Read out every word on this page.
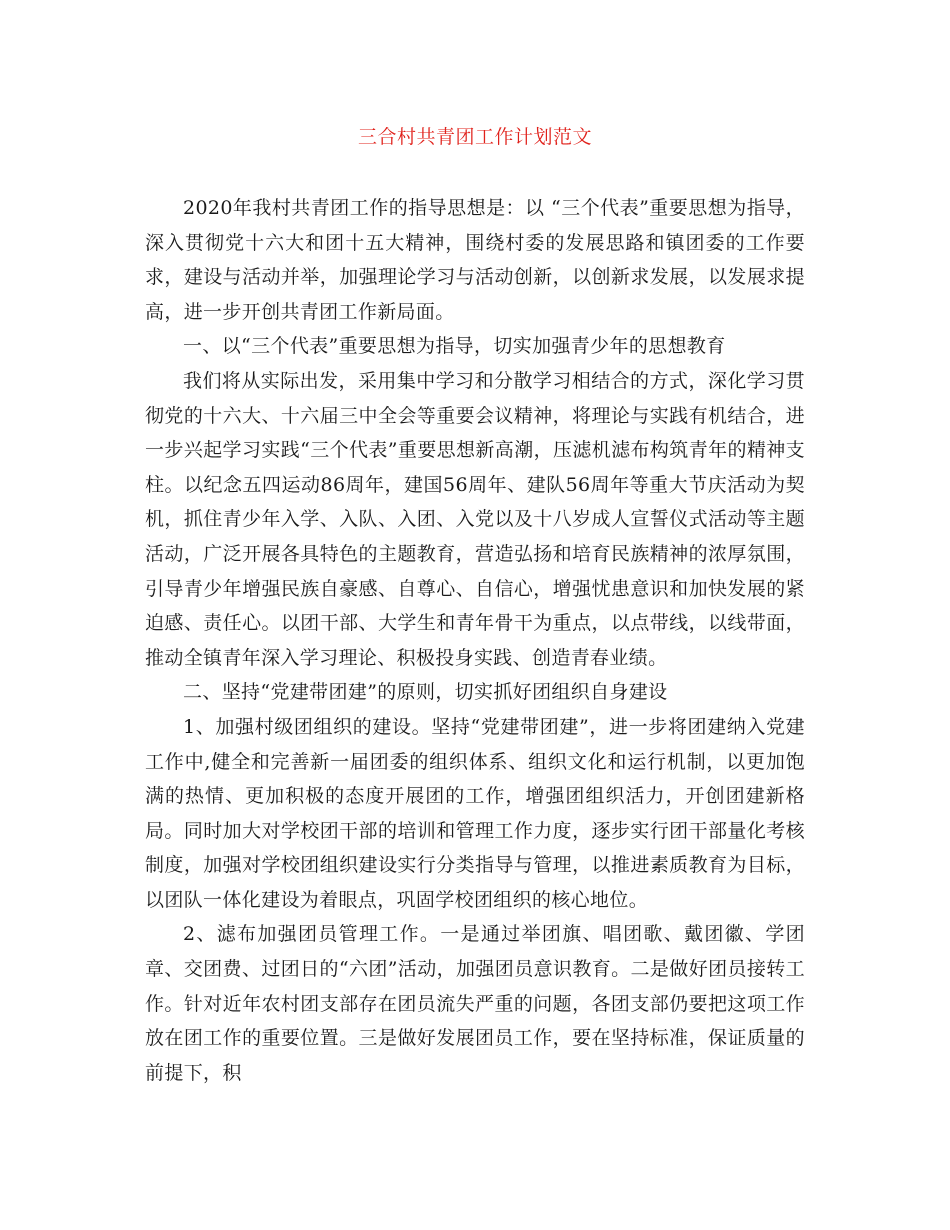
三合村共青团工作计划范文

2020年我村共青团工作的指导思想是：以 “三个代表”重要思想为指导，深入贯彻党十六大和团十五大精神，围绕村委的发展思路和镇团委的工作要求，建设与活动并举，加强理论学习与活动创新，以创新求发展，以发展求提高，进一步开创共青团工作新局面。

一、以“三个代表”重要思想为指导，切实加强青少年的思想教育

我们将从实际出发，采用集中学习和分散学习相结合的方式，深化学习贯彻党的十六大、十六届三中全会等重要会议精神，将理论与实践有机结合，进一步兴起学习实践“三个代表”重要思想新高潮，压滤机滤布构筑青年的精神支柱。以纪念五四运动86周年，建国56周年、建队56周年等重大节庆活动为契机，抓住青少年入学、入队、入团、入党以及十八岁成人宣誓仪式活动等主题活动，广泛开展各具特色的主题教育，营造弘扬和培育民族精神的浓厚氛围，引导青少年增强民族自豪感、自尊心、自信心，增强忧患意识和加快发展的紧迫感、责任心。以团干部、大学生和青年骨干为重点，以点带线，以线带面，推动全镇青年深入学习理论、积极投身实践、创造青春业绩。

二、坚持“党建带团建”的原则，切实抓好团组织自身建设

1、加强村级团组织的建设。坚持“党建带团建”，进一步将团建纳入党建工作中,健全和完善新一届团委的组织体系、组织文化和运行机制，以更加饱满的热情、更加积极的态度开展团的工作，增强团组织活力，开创团建新格局。同时加大对学校团干部的培训和管理工作力度，逐步实行团干部量化考核制度，加强对学校团组织建设实行分类指导与管理，以推进素质教育为目标，以团队一体化建设为着眼点，巩固学校团组织的核心地位。

2、滤布加强团员管理工作。一是通过举团旗、唱团歌、戴团徽、学团章、交团费、过团日的“六团”活动，加强团员意识教育。二是做好团员接转工作。针对近年农村团支部存在团员流失严重的问题，各团支部仍要把这项工作放在团工作的重要位置。三是做好发展团员工作，要在坚持标准，保证质量的前提下，积
